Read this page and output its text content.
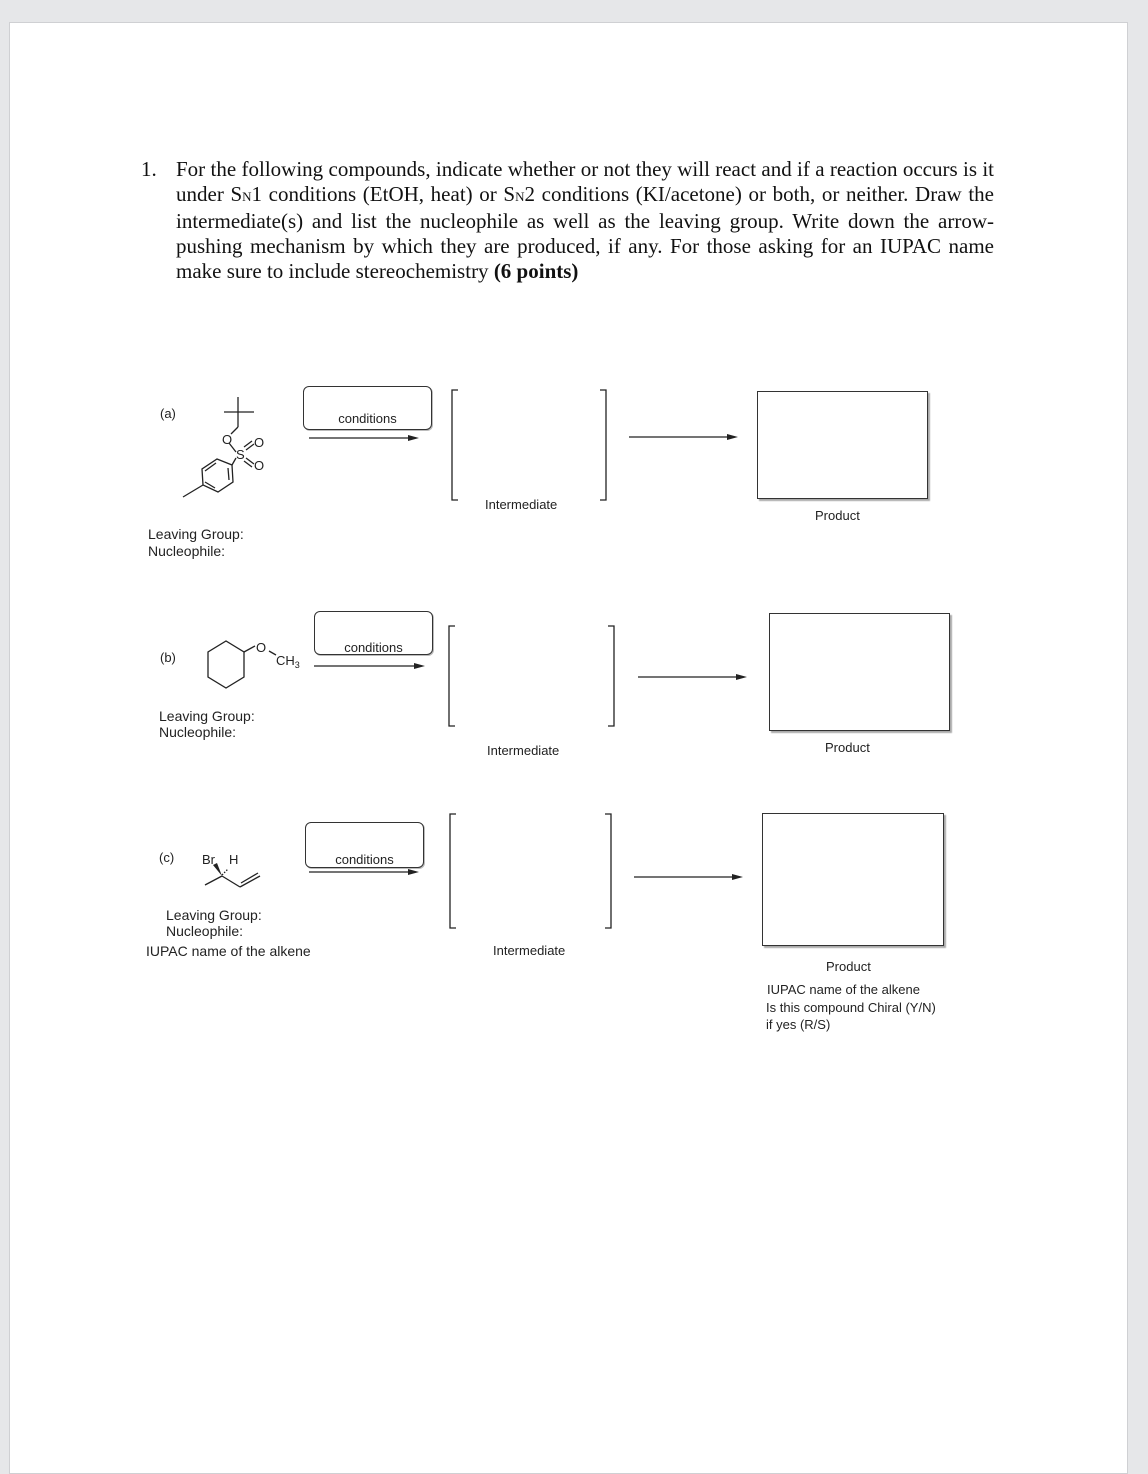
1. For the following compounds, indicate whether or not they will react and if a reaction occurs is it under SN1 conditions (EtOH, heat) or SN2 conditions (KI/acetone) or both, or neither. Draw the intermediate(s) and list the nucleophile as well as the leaving group. Write down the arrow-pushing mechanism by which they are produced, if any. For those asking for an IUPAC name make sure to include stereochemistry (6 points)
(a)
O
S
O
O
conditions
Intermediate
Product
Leaving Group:
Nucleophile:
(b)
O
$CH_3$
conditions
Intermediate	Product
Leaving Group:
Nucleophile:
(c) Br H	conditions
Intermediate
Product
IUPAC name of the alkene
Is this compound Chiral (Y/N)
if yes (R/S)
Leaving Group:
Nucleophile:
IUPAC name of the alkene
